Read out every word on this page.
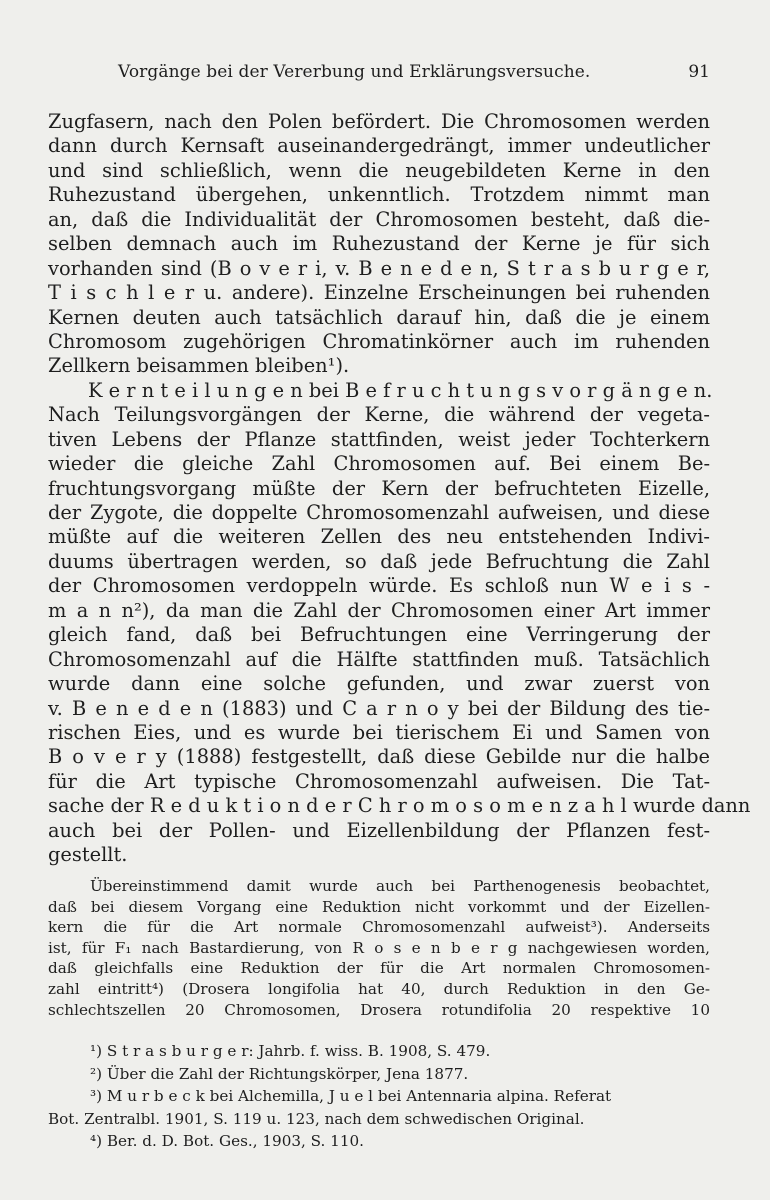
Vorgänge bei der Vererbung und Erklärungsversuche.	91
Zugfasern, nach den Polen befördert. Die Chromosomen werden
dann durch Kernsaft auseinandergedrängt, immer undeutlicher
und sind schließlich, wenn die neugebildeten Kerne in den
Ruhezustand übergehen, unkenntlich. Trotzdem nimmt man
an, daß die Individualität der Chromosomen besteht, daß die-
selben demnach auch im Ruhezustand der Kerne je für sich
vorhanden sind (B o v e r i, v. B e n e d e n, S t r a s b u r g e r,
T i s c h l e r u. andere). Einzelne Erscheinungen bei ruhenden
Kernen deuten auch tatsächlich darauf hin, daß die je einem
Chromosom zugehörigen Chromatinkörner auch im ruhenden
Zellkern beisammen bleiben¹).
K e r n t e i l u n g e n bei B e f r u c h t u n g s v o r g ä n g e n.
Nach Teilungsvorgängen der Kerne, die während der vegeta-
tiven Lebens der Pflanze stattfinden, weist jeder Tochterkern
wieder die gleiche Zahl Chromosomen auf. Bei einem Be-
fruchtungsvorgang müßte der Kern der befruchteten Eizelle,
der Zygote, die doppelte Chromosomenzahl aufweisen, und diese
müßte auf die weiteren Zellen des neu entstehenden Indivi-
duums übertragen werden, so daß jede Befruchtung die Zahl
der Chromosomen verdoppeln würde. Es schloß nun W e i s -
m a n n²), da man die Zahl der Chromosomen einer Art immer
gleich fand, daß bei Befruchtungen eine Verringerung der
Chromosomenzahl auf die Hälfte stattfinden muß. Tatsächlich
wurde dann eine solche gefunden, und zwar zuerst von
v. B e n e d e n (1883) und C a r n o y bei der Bildung des tie-
rischen Eies, und es wurde bei tierischem Ei und Samen von
B o v e r y (1888) festgestellt, daß diese Gebilde nur die halbe
für die Art typische Chromosomenzahl aufweisen. Die Tat-
sache der R e d u k t i o n d e r C h r o m o s o m e n z a h l wurde dann
auch bei der Pollen- und Eizellenbildung der Pflanzen fest-
gestellt.
Übereinstimmend damit wurde auch bei Parthenogenesis beobachtet,
daß bei diesem Vorgang eine Reduktion nicht vorkommt und der Eizellen-
kern die für die Art normale Chromosomenzahl aufweist³). Anderseits
ist, für F₁ nach Bastardierung, von R o s e n b e r g nachgewiesen worden,
daß gleichfalls eine Reduktion der für die Art normalen Chromosomen-
zahl eintritt⁴) (Drosera longifolia hat 40, durch Reduktion in den Ge-
schlechtszellen 20 Chromosomen, Drosera rotundifolia 20 respektive 10
¹) S t r a s b u r g e r: Jahrb. f. wiss. B. 1908, S. 479.
²) Über die Zahl der Richtungskörper, Jena 1877.
³) M u r b e c k bei Alchemilla, J u e l bei Antennaria alpina. Referat
Bot. Zentralbl. 1901, S. 119 u. 123, nach dem schwedischen Original.
⁴) Ber. d. D. Bot. Ges., 1903, S. 110.
